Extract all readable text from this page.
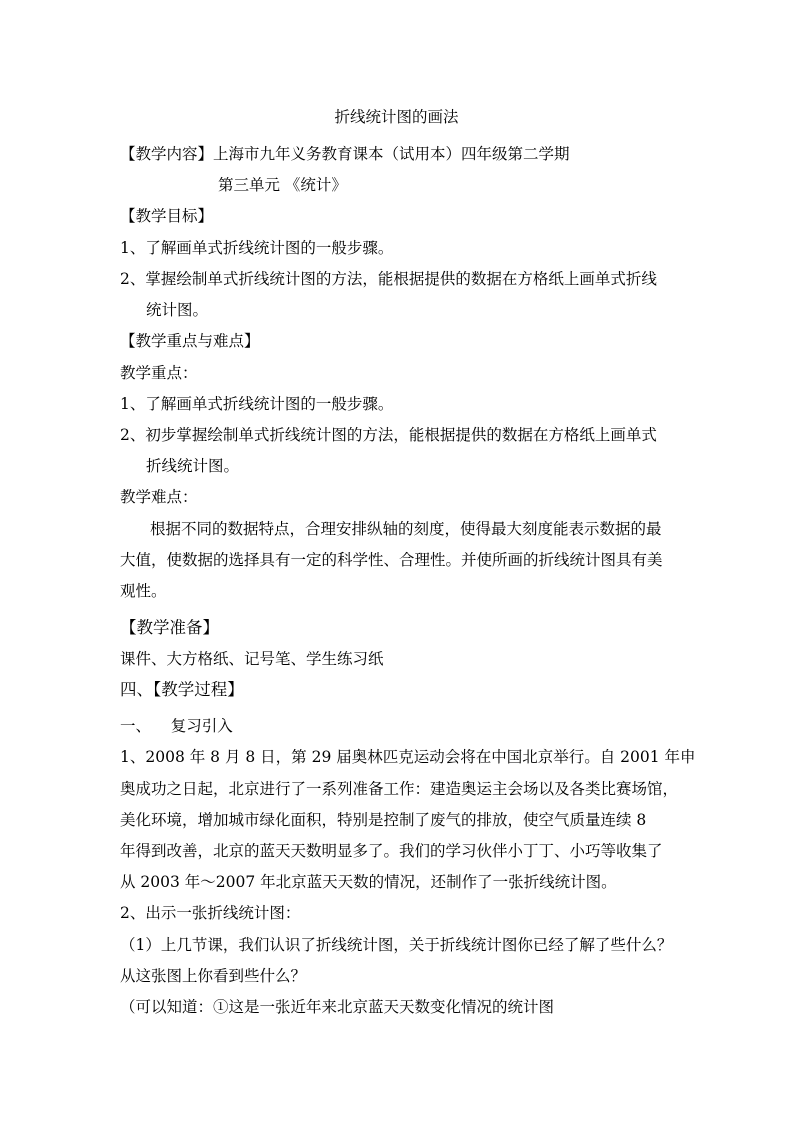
折线统计图的画法
【教学内容】上海市九年义务教育课本（试用本）四年级第二学期
第三单元 《统计》
【教学目标】
1、了解画单式折线统计图的一般步骤。
2、掌握绘制单式折线统计图的方法，能根据提供的数据在方格纸上画单式折线
统计图。
【教学重点与难点】
教学重点：
1、了解画单式折线统计图的一般步骤。
2、初步掌握绘制单式折线统计图的方法，能根据提供的数据在方格纸上画单式
折线统计图。
教学难点：
根据不同的数据特点，合理安排纵轴的刻度，使得最大刻度能表示数据的最
大值，使数据的选择具有一定的科学性、合理性。并使所画的折线统计图具有美
观性。
【教学准备】
课件、大方格纸、记号笔、学生练习纸
四、【教学过程】
一、    复习引入
1、2008 年 8 月 8 日，第 29 届奥林匹克运动会将在中国北京举行。自 2001 年申
奥成功之日起，北京进行了一系列准备工作：建造奥运主会场以及各类比赛场馆，
美化环境，增加城市绿化面积，特别是控制了废气的排放，使空气质量连续 8
年得到改善，北京的蓝天天数明显多了。我们的学习伙伴小丁丁、小巧等收集了
从 2003 年～2007 年北京蓝天天数的情况，还制作了一张折线统计图。
2、出示一张折线统计图：
（1）上几节课，我们认识了折线统计图，关于折线统计图你已经了解了些什么？
从这张图上你看到些什么？
（可以知道：①这是一张近年来北京蓝天天数变化情况的统计图
